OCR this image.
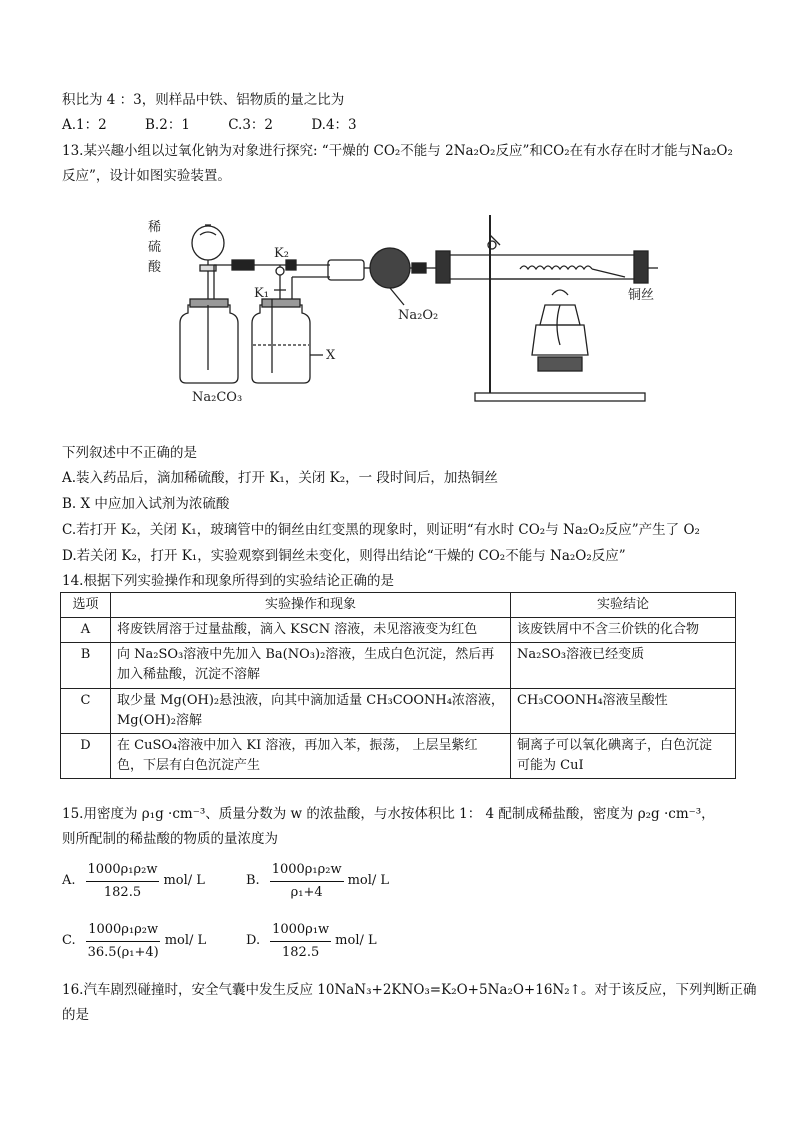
积比为 4 ：3，则样品中铁、铝物质的量之比为
A.1：2	B.2：1	C.3：2	D.4：3
13.某兴趣小组以过氧化钠为对象进行探究: “干燥的 CO₂不能与 2Na₂O₂反应”和CO₂在有水存在时才能与Na₂O₂
反应”，设计如图实验装置。
稀
硫
酸
K₂
K₁
Na₂CO₃
X
Na₂O₂
铜丝
下列叙述中不正确的是
A.装入药品后，滴加稀硫酸，打开 K₁，关闭 K₂，一 段时间后，加热铜丝
B. X 中应加入试剂为浓硫酸
C.若打开 K₂，关闭 K₁，玻璃管中的铜丝由红变黑的现象时，则证明“有水时 CO₂与 Na₂O₂反应”产生了 O₂
D.若关闭 K₂，打开 K₁，实验观察到铜丝未变化，则得出结论“干燥的 CO₂不能与 Na₂O₂反应”
14.根据下列实验操作和现象所得到的实验结论正确的是
选项	实验操作和现象	实验结论
A	将废铁屑溶于过量盐酸，滴入 KSCN 溶液，未见溶液变为红色	该废铁屑中不含三价铁的化合物
B	向 Na₂SO₃溶液中先加入 Ba(NO₃)₂溶液，生成白色沉淀，然后再
加入稀盐酸，沉淀不溶解	Na₂SO₃溶液已经变质
C	取少量 Mg(OH)₂悬浊液，向其中滴加适量 CH₃COONH₄浓溶液，
Mg(OH)₂溶解	CH₃COONH₄溶液呈酸性
D	在 CuSO₄溶液中加入 KI 溶液，再加入苯，振荡， 上层呈紫红
色，下层有白色沉淀产生	铜离子可以氧化碘离子，白色沉淀
可能为 CuI
15.用密度为 ρ₁g ·cm⁻³、质量分数为 w 的浓盐酸，与水按体积比 1： 4 配制成稀盐酸，密度为 ρ₂g ·cm⁻³，
则所配制的稀盐酸的物质的量浓度为
A. $\frac{\text{1000ρ₁ρ₂w}}{182.5} mol/$ L	B. $\frac{\text{1000ρ₁ρ₂w}}{\text{ρ₁+4}} mol/$ L
C. $\frac{\text{1000ρ₁ρ₂w}}{\text{36.5(ρ₁+4)}} mol/$ L	D. $\frac{\text{1000ρ₁w}}{182.5} mol/$ L
16.汽车剧烈碰撞时，安全气囊中发生反应 10NaN₃+2KNO₃=K₂O+5Na₂O+16N₂↑。对于该反应，下列判断正确
的是
